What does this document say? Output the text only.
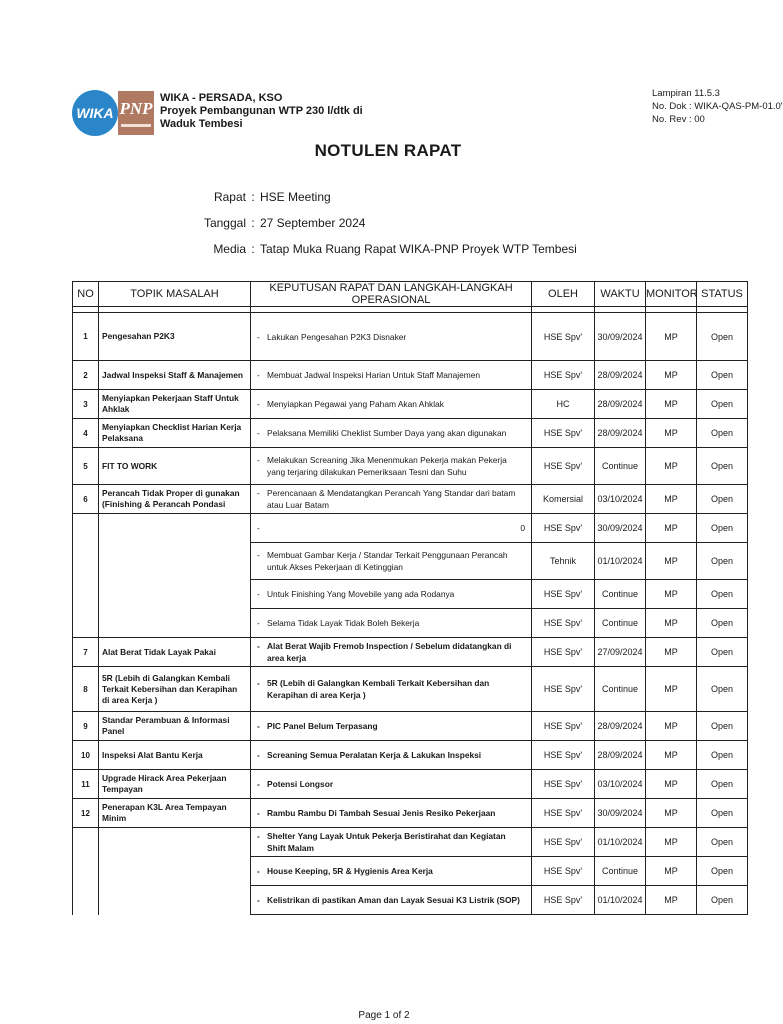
WIKA PNP
WIKA - PERSADA, KSO
Proyek Pembangunan WTP 230 l/dtk di
Waduk Tembesi
Lampiran 11.5.3
No. Dok : WIKA-QAS-PM-01.0'
No. Rev : 00
NOTULEN RAPAT
Rapat : HSE Meeting
Tanggal : 27 September 2024
Media : Tatap Muka Ruang Rapat WIKA-PNP Proyek WTP Tembesi
NO	TOPIK MASALAH	KEPUTUSAN RAPAT DAN LANGKAH-LANGKAH OPERASIONAL	OLEH	WAKTU	MONITOR	STATUS

1	Pengesahan P2K3	- Lakukan Pengesahan P2K3 Disnaker	HSE Spv'	30/09/2024	MP	Open
2	Jadwal Inspeksi Staff & Manajemen	- Membuat Jadwal Inspeksi Harian Untuk Staff Manajemen	HSE Spv'	28/09/2024	MP	Open
3	Menyiapkan Pekerjaan Staff Untuk Ahklak	- Menyiapkan Pegawai yang Paham Akan Ahklak	HC	28/09/2024	MP	Open
4	Menyiapkan Checklist Harian Kerja Pelaksana	- Pelaksana Memiliki Cheklist Sumber Daya yang akan digunakan	HSE Spv'	28/09/2024	MP	Open
5	FIT TO WORK	- Melakukan Screaning Jika Menenmukan Pekerja makan Pekerja yang terjaring dilakukan Pemeriksaan Tesni dan Suhu	HSE Spv'	Continue	MP	Open
6	Perancah Tidak Proper di gunakan (Finishing & Perancah Pondasi	- Perencanaan & Mendatangkan Perancah Yang Standar dari batam atau Luar Batam	Komersial	03/10/2024	MP	Open

		- 0	HSE Spv'	30/09/2024	MP	Open

		- Membuat Gambar Kerja / Standar Terkait Penggunaan Perancah untuk Akses Pekerjaan di Ketinggian	Tehnik	01/10/2024	MP	Open

		- Untuk Finishing Yang Movebile yang ada Rodanya	HSE Spv'	Continue	MP	Open

		- Selama Tidak Layak Tidak Boleh Bekerja	HSE Spv'	Continue	MP	Open
7	Alat Berat Tidak Layak Pakai	- Alat Berat Wajib Fremob Inspection / Sebelum didatangkan di area kerja	HSE Spv'	27/09/2024	MP	Open
8	5R (Lebih di Galangkan Kembali Terkait Kebersihan dan Kerapihan di area Kerja )	- 5R (Lebih di Galangkan Kembali Terkait Kebersihan dan Kerapihan di area Kerja )	HSE Spv'	Continue	MP	Open
9	Standar Perambuan & Informasi Panel	- PIC Panel Belum Terpasang	HSE Spv'	28/09/2024	MP	Open
10	Inspeksi Alat Bantu Kerja	- Screaning Semua Peralatan Kerja & Lakukan Inspeksi	HSE Spv'	28/09/2024	MP	Open
11	Upgrade Hirack Area Pekerjaan Tempayan	- Potensi Longsor	HSE Spv'	03/10/2024	MP	Open
12	Penerapan K3L Area Tempayan Minim	- Rambu Rambu Di Tambah Sesuai Jenis Resiko Pekerjaan	HSE Spv'	30/09/2024	MP	Open

		- Shelter Yang Layak Untuk Pekerja Beristirahat dan Kegiatan Shift Malam	HSE Spv'	01/10/2024	MP	Open

		- House Keeping, 5R & Hygienis Area Kerja	HSE Spv'	Continue	MP	Open

		- Kelistrikan di pastikan Aman dan Layak Sesuai K3 Listrik (SOP)	HSE Spv'	01/10/2024	MP	Open
Page 1 of 2
